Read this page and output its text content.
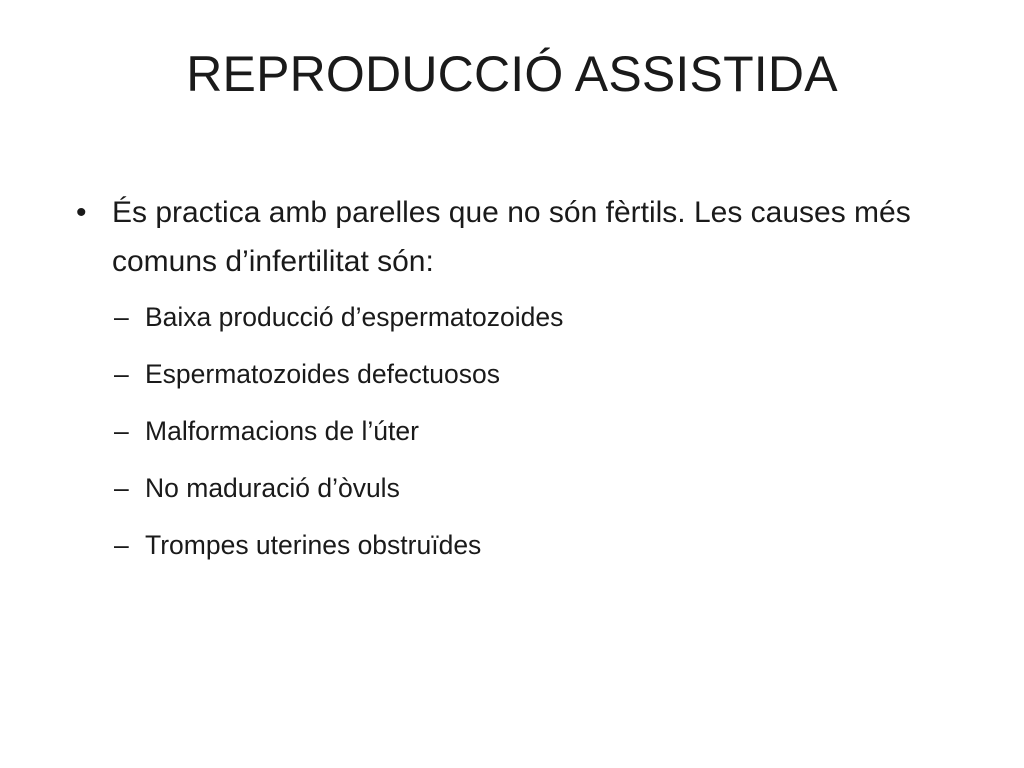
REPRODUCCIÓ ASSISTIDA
• És practica amb parelles que no són fèrtils. Les causes més comuns d’infertilitat són:
– Baixa producció d’espermatozoides
– Espermatozoides defectuosos
– Malformacions de l’úter
– No maduració d’òvuls
– Trompes uterines obstruïdes
